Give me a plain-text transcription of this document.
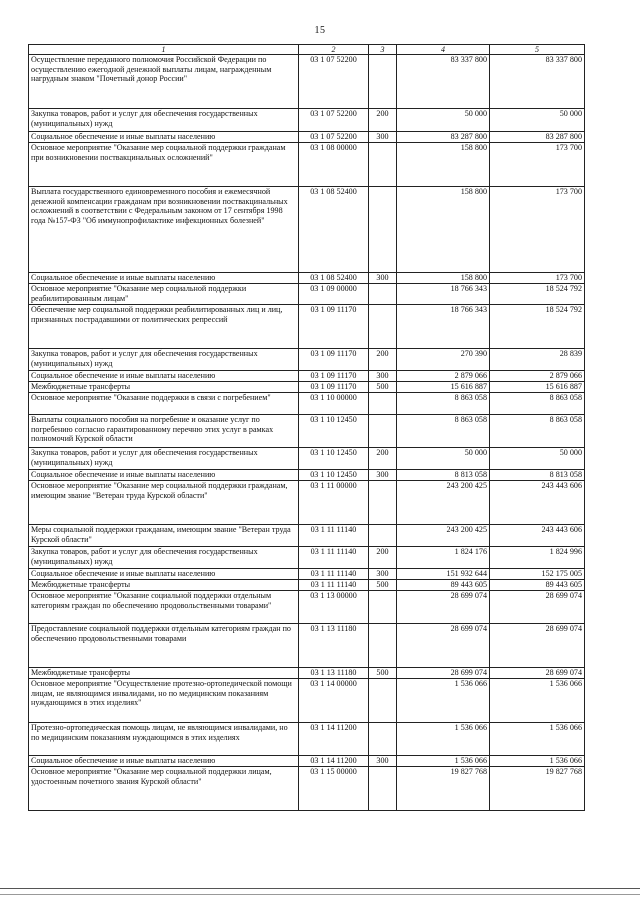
15
1	2	3	4	5
Осуществление переданного полномочия Российской Федерации по осуществлению ежегодной денежной выплаты лицам, награжденным нагрудным знаком "Почетный донор России"	03 1 07 52200		83 337 800	83 337 800
Закупка товаров, работ и услуг для обеспечения государственных (муниципальных) нужд	03 1 07 52200	200	50 000	50 000
Социальное обеспечение и иные выплаты населению	03 1 07 52200	300	83 287 800	83 287 800
Основное мероприятие "Оказание мер социальной поддержки гражданам при возникновении поствакцинальных осложнений"	03 1 08 00000		158 800	173 700
Выплата государственного единовременного пособия и ежемесячной денежной компенсации гражданам при возникновении поствакцинальных осложнений в соответствии с Федеральным законом от 17 сентября 1998 года №157-ФЗ "Об иммунопрофилактике инфекционных болезней"	03 1 08 52400		158 800	173 700
Социальное обеспечение и иные выплаты населению	03 1 08 52400	300	158 800	173 700
Основное мероприятие "Оказание мер социальной поддержки реабилитированным лицам"	03 1 09 00000		18 766 343	18 524 792
Обеспечение мер социальной поддержки реабилитированных лиц и лиц, признанных пострадавшими от политических репрессий	03 1 09 11170		18 766 343	18 524 792
Закупка товаров, работ и услуг для обеспечения государственных (муниципальных) нужд	03 1 09 11170	200	270 390	28 839
Социальное обеспечение и иные выплаты населению	03 1 09 11170	300	2 879 066	2 879 066
Межбюджетные трансферты	03 1 09 11170	500	15 616 887	15 616 887
Основное мероприятие "Оказание поддержки в связи с погребением"	03 1 10 00000		8 863 058	8 863 058
Выплаты социального пособия на погребение и оказание услуг по погребению согласно гарантированному перечню этих услуг в рамках полномочий Курской области	03 1 10 12450		8 863 058	8 863 058
Закупка товаров, работ и услуг для обеспечения государственных (муниципальных) нужд	03 1 10 12450	200	50 000	50 000
Социальное обеспечение и иные выплаты населению	03 1 10 12450	300	8 813 058	8 813 058
Основное мероприятие "Оказание мер социальной поддержки гражданам, имеющим звание "Ветеран труда Курской области"	03 1 11 00000		243 200 425	243 443 606
Меры социальной поддержки гражданам, имеющим звание "Ветеран труда Курской области"	03 1 11 11140		243 200 425	243 443 606
Закупка товаров, работ и услуг для обеспечения государственных (муниципальных) нужд	03 1 11 11140	200	1 824 176	1 824 996
Социальное обеспечение и иные выплаты населению	03 1 11 11140	300	151 932 644	152 175 005
Межбюджетные трансферты	03 1 11 11140	500	89 443 605	89 443 605
Основное мероприятие "Оказание социальной поддержки отдельным категориям граждан по обеспечению продовольственными товарами"	03 1 13 00000		28 699 074	28 699 074
Предоставление социальной поддержки отдельным категориям граждан по обеспечению продовольственными товарами	03 1 13 11180		28 699 074	28 699 074
Межбюджетные трансферты	03 1 13 11180	500	28 699 074	28 699 074
Основное мероприятие "Осуществление протезно-ортопедической помощи лицам, не являющимся инвалидами, но по медицинским показаниям нуждающимся в этих изделиях"	03 1 14 00000		1 536 066	1 536 066
Протезно-ортопедическая помощь лицам, не являющимся инвалидами, но по медицинским показаниям нуждающимся в этих изделиях	03 1 14 11200		1 536 066	1 536 066
Социальное обеспечение и иные выплаты населению	03 1 14 11200	300	1 536 066	1 536 066
Основное мероприятие "Оказание мер социальной поддержки лицам, удостоенным почетного звания Курской области"	03 1 15 00000		19 827 768	19 827 768
